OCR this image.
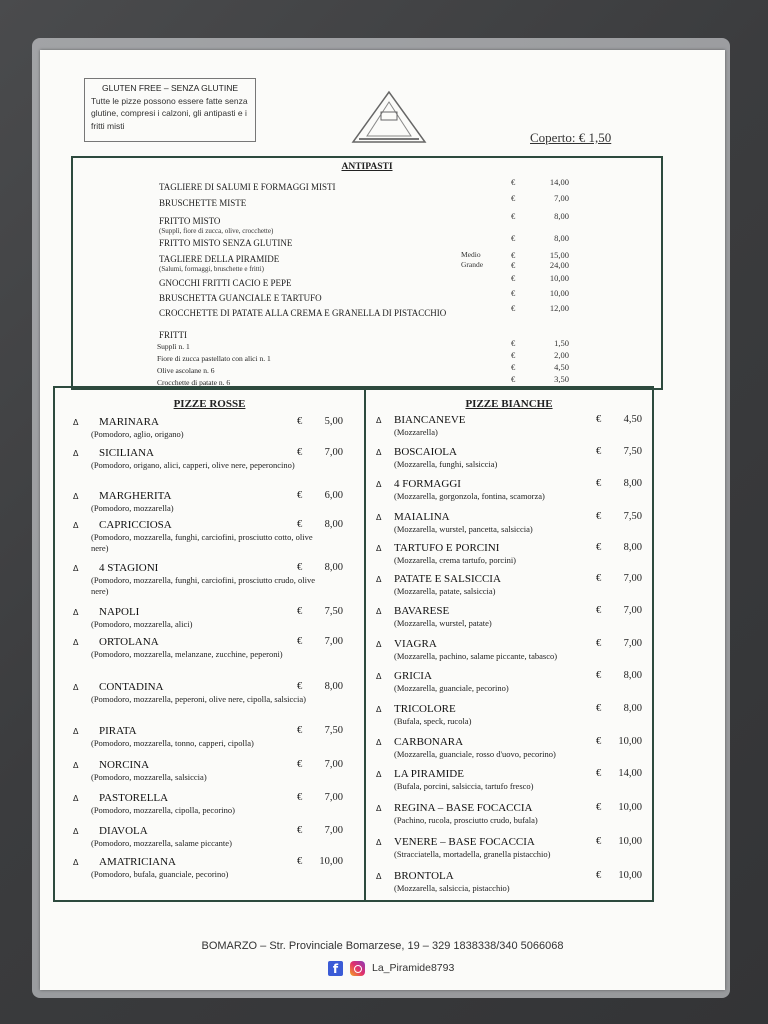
GLUTEN FREE – SENZA GLUTINE
Tutte le pizze possono essere fatte senza glutine, compresi i calzoni, gli antipasti e i fritti misti
Coperto: € 1,50
ANTIPASTI
TAGLIERE DI SALUMI E FORMAGGI MISTI	€	14,00
BRUSCHETTE MISTE	€	7,00
FRITTO MISTO
(Supplì, fiore di zucca, olive, crocchette)
€	8,00
FRITTO MISTO SENZA GLUTINE	€	8,00
TAGLIERE DELLA PIRAMIDE
(Salumi, formaggi, bruschette e fritti)
Medio	€	15,00
Grande	€	24,00
GNOCCHI FRITTI CACIO E PEPE	€	10,00
BRUSCHETTA GUANCIALE E TARTUFO	€	10,00
CROCCHETTE DI PATATE ALLA CREMA E GRANELLA DI PISTACCHIO	€	12,00
FRITTI
Supplì n. 1	€	1,50
Fiore di zucca pastellato con alici n. 1	€	2,00
Olive ascolane n. 6	€	4,50
Crocchette di patate n. 6	€	3,50
PIZZE ROSSE
Δ MARINARA
(Pomodoro, aglio, origano)
€	5,00
Δ SICILIANA
(Pomodoro, origano, alici, capperi, olive nere, peperoncino)
€	7,00
Δ MARGHERITA
(Pomodoro, mozzarella)
€	6,00
Δ CAPRICCIOSA
(Pomodoro, mozzarella, funghi, carciofini, prosciutto cotto, olive nere)
€	8,00
Δ 4 STAGIONI
(Pomodoro, mozzarella, funghi, carciofini, prosciutto crudo, olive nere)
€	8,00
Δ NAPOLI
(Pomodoro, mozzarella, alici)
€	7,50
Δ ORTOLANA
(Pomodoro, mozzarella, melanzane, zucchine, peperoni)
€	7,00
Δ CONTADINA
(Pomodoro, mozzarella, peperoni, olive nere, cipolla, salsiccia)
€	8,00
Δ PIRATA
(Pomodoro, mozzarella, tonno, capperi, cipolla)
€	7,50
Δ NORCINA
(Pomodoro, mozzarella, salsiccia)
€	7,00
Δ PASTORELLA
(Pomodoro, mozzarella, cipolla, pecorino)
€	7,00
Δ DIAVOLA
(Pomodoro, mozzarella, salame piccante)
€	7,00
Δ AMATRICIANA
(Pomodoro, bufala, guanciale, pecorino)
€	10,00
PIZZE BIANCHE
Δ BIANCANEVE
(Mozzarella)
€	4,50
Δ BOSCAIOLA
(Mozzarella, funghi, salsiccia)
€	7,50
Δ 4 FORMAGGI
(Mozzarella, gorgonzola, fontina, scamorza)
€	8,00
Δ MAIALINA
(Mozzarella, wurstel, pancetta, salsiccia)
€	7,50
Δ TARTUFO E PORCINI
(Mozzarella, crema tartufo, porcini)
€	8,00
Δ PATATE E SALSICCIA
(Mozzarella, patate, salsiccia)
€	7,00
Δ BAVARESE
(Mozzarella, wurstel, patate)
€	7,00
Δ VIAGRA
(Mozzarella, pachino, salame piccante, tabasco)
€	7,00
Δ GRICIA
(Mozzarella, guanciale, pecorino)
€	8,00
Δ TRICOLORE
(Bufala, speck, rucola)
€	8,00
Δ CARBONARA
(Mozzarella, guanciale, rosso d'uovo, pecorino)
€	10,00
Δ LA PIRAMIDE
(Bufala, porcini, salsiccia, tartufo fresco)
€	14,00
Δ REGINA – BASE FOCACCIA
(Pachino, rucola, prosciutto crudo, bufala)
€	10,00
Δ VENERE – BASE FOCACCIA
(Stracciatella, mortadella, granella pistacchio)
€	10,00
Δ BRONTOLA
(Mozzarella, salsiccia, pistacchio)
€	10,00
BOMARZO – Str. Provinciale Bomarzese, 19 – 329 1838338/340 5066068
f	La_Piramide8793
